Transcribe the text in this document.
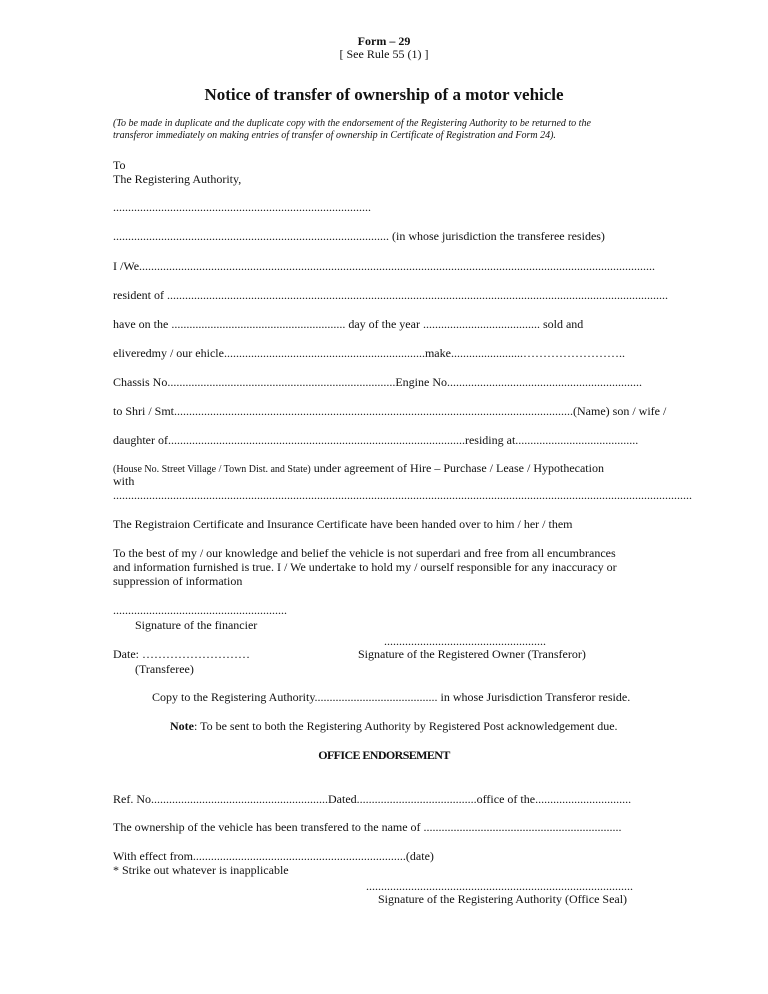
Form – 29
[ See Rule 55 (1) ]
Notice of transfer of ownership of a motor vehicle
(To be made in duplicate and the duplicate copy with the endorsement of the Registering Authority to be returned to the
transferor immediately on making entries of transfer of ownership in Certificate of Registration and Form 24).
To
The Registering Authority,
......................................................................................
............................................................................................ (in whose jurisdiction the transferee resides)
I /We............................................................................................................................................................................
resident of .......................................................................................................................................................................
have on the .......................................................... day of the year ....................................... sold and
eliveredmy / our ehicle...................................................................make........................……………………..
Chassis No............................................................................Engine No.................................................................
to Shri / Smt.....................................................................................................................................(Name) son / wife /
daughter of...................................................................................................residing at.........................................
(House No. Street Village / Town Dist. and State) under agreement of Hire – Purchase / Lease / Hypothecation
with
.................................................................................................................................................................................................
The Registraion Certificate and Insurance Certificate have been handed over to him / her / them
To the best of my / our knowledge and belief the vehicle is not superdari and free from all encumbrances
and information furnished is true. I / We undertake to hold my / ourself responsible for any inaccuracy or
suppression of information
..........................................................
Signature of the financier
......................................................
Date: ………………………	Signature of the Registered Owner (Transferor)
(Transferee)
Copy to the Registering Authority......................................... in whose Jurisdiction Transferor reside.
Note: To be sent to both the Registering Authority by Registered Post acknowledgement due.
OFFICE ENDORSEMENT
Ref. No...........................................................Dated........................................office of the................................
The ownership of the vehicle has been transfered to the name of ..................................................................
With effect from.......................................................................(date)
* Strike out whatever is inapplicable
.........................................................................................
Signature of the Registering Authority (Office Seal)
